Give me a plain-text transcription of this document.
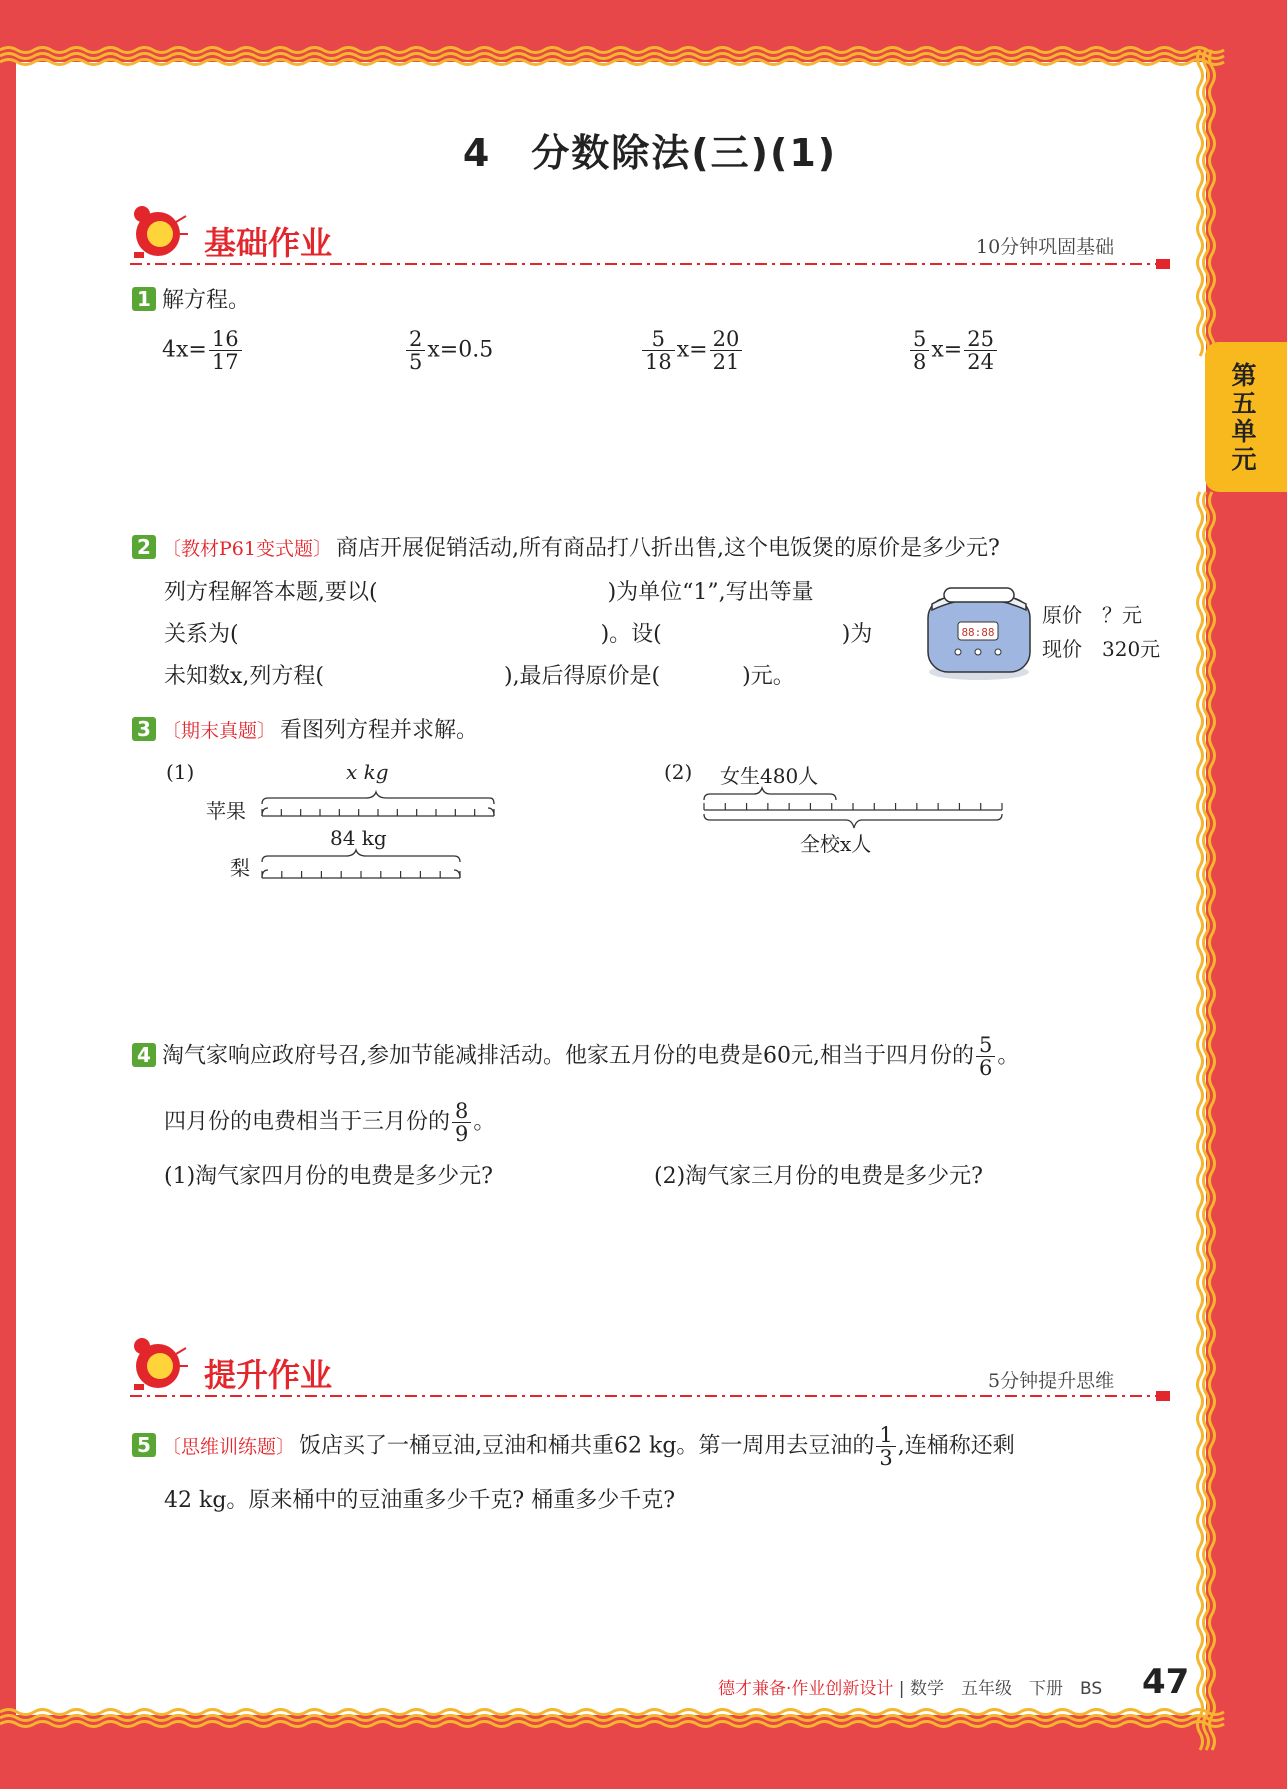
第五单元
4　分数除法(三)(1)
基础作业	10分钟巩固基础
1 解方程。
$4x= \frac{16}{17}$	$\frac{2}{5} x=0.5$	$\frac{5}{18} x= \frac{20}{21}$	$\frac{5}{8} x= \frac{25}{24}$
2 〔教材P61变式题〕 商店开展促销活动,所有商品打八折出售,这个电饭煲的原价是多少元?
列方程解答本题,要以(	)为单位“1”,写出等量
关系为(	)。设(	)为
未知数x,列方程(	),最后得原价是(	)元。
88:88
原价　 ？元
现价　 320元
3 〔期末真题〕 看图列方程并求解。
(1)	x kg
苹果
84 kg
梨
(2) 女生480人
全校x人
4 淘气家响应政府号召,参加节能减排活动。他家五月份的电费是60元,相当于四月份的 $\frac{5}{6}$ 。
四月份的电费相当于三月份的 $\frac{8}{9}$ 。
(1)淘气家四月份的电费是多少元?	(2)淘气家三月份的电费是多少元?
提升作业	5分钟提升思维
5 〔思维训练题〕 饭店买了一桶豆油,豆油和桶共重62 kg。第一周用去豆油的 $\frac{1}{3}$ ,连桶称还剩
42 kg。原来桶中的豆油重多少千克? 桶重多少千克?
德才兼备·作业创新设计 | 数学　五年级　下册　BS 47
